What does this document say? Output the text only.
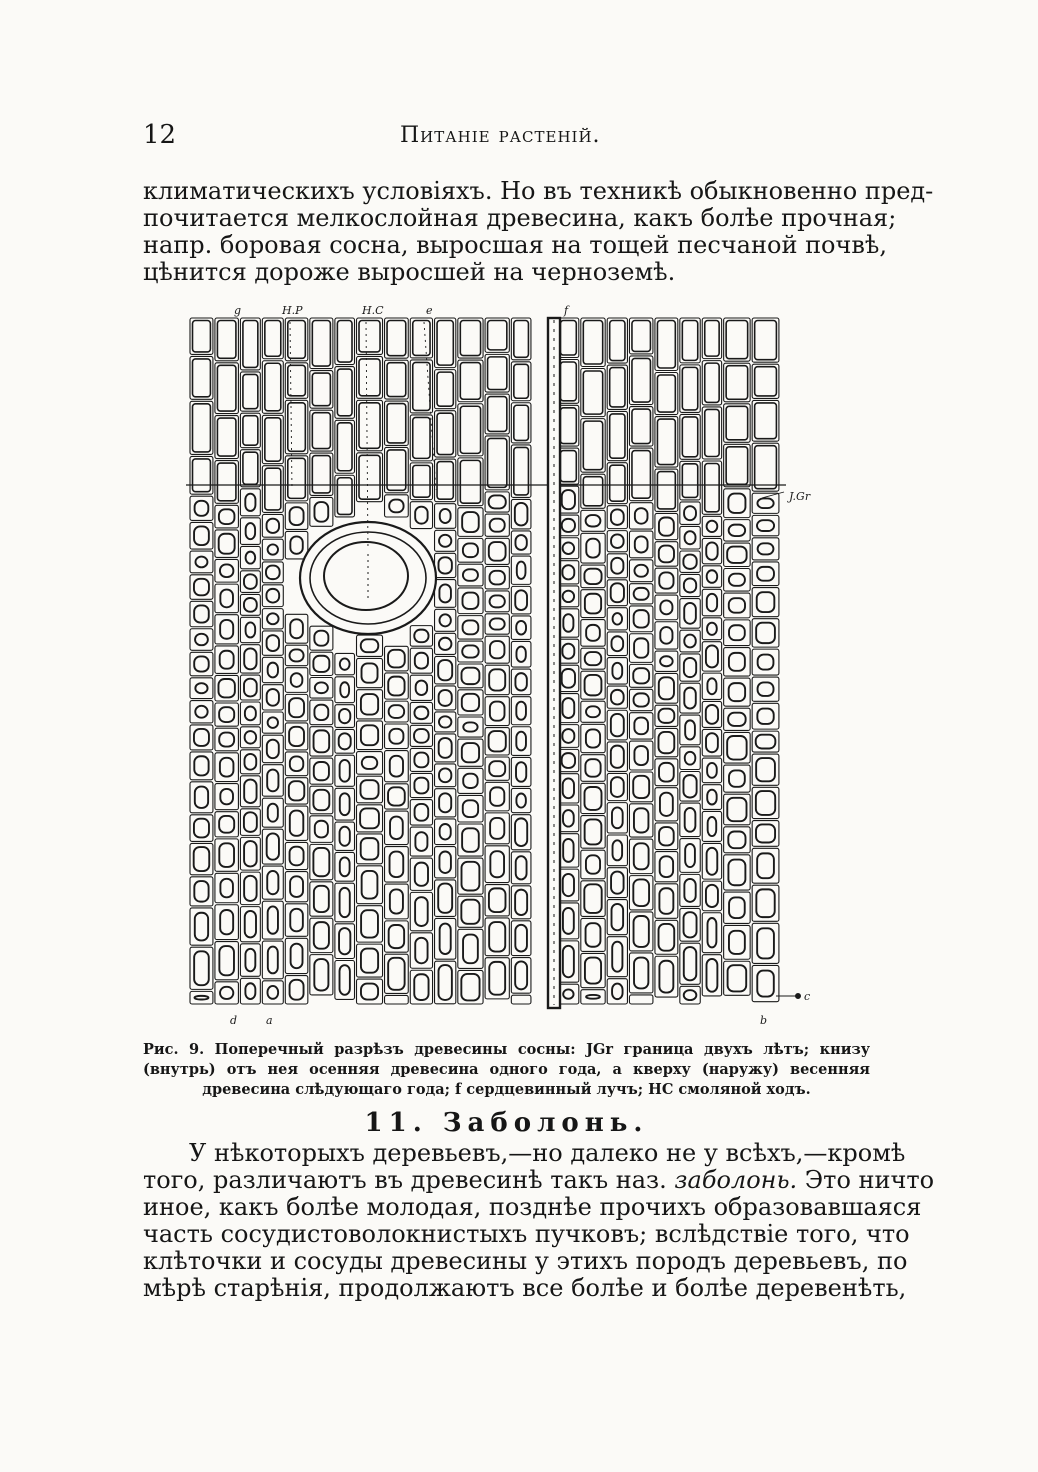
12	Питаніе растеній.
климатическихъ условіяхъ. Но въ техникѣ обыкновенно пред-
почитается мелкослойная древесина, какъ болѣе прочная;
напр. боровая сосна, выросшая на тощей песчаной почвѣ,
цѣнится дороже выросшей на черноземѣ.
g	H.P	H.C	e	f
J.Gr
d	a	b
c
Рис. 9. Поперечный разрѣзъ древесины сосны: JGr граница двухъ лѣтъ; книзу
(внутрь) отъ нея осенняя древесина одного года, а кверху (наружу) весенняя
древесина слѣдующаго года; f сердцевинный лучъ; HC смоляной ходъ.
11. Заболонь.
У нѣкоторыхъ деревьевъ,—но далеко не у всѣхъ,—кромѣ
того, различаютъ въ древесинѣ такъ наз. заболонь. Это ничто
иное, какъ болѣе молодая, позднѣе прочихъ образовавшаяся
часть сосудистоволокнистыхъ пучковъ; вслѣдствіе того, что
клѣточки и сосуды древесины у этихъ породъ деревьевъ, по
мѣрѣ старѣнія, продолжаютъ все болѣе и болѣе деревенѣть,
